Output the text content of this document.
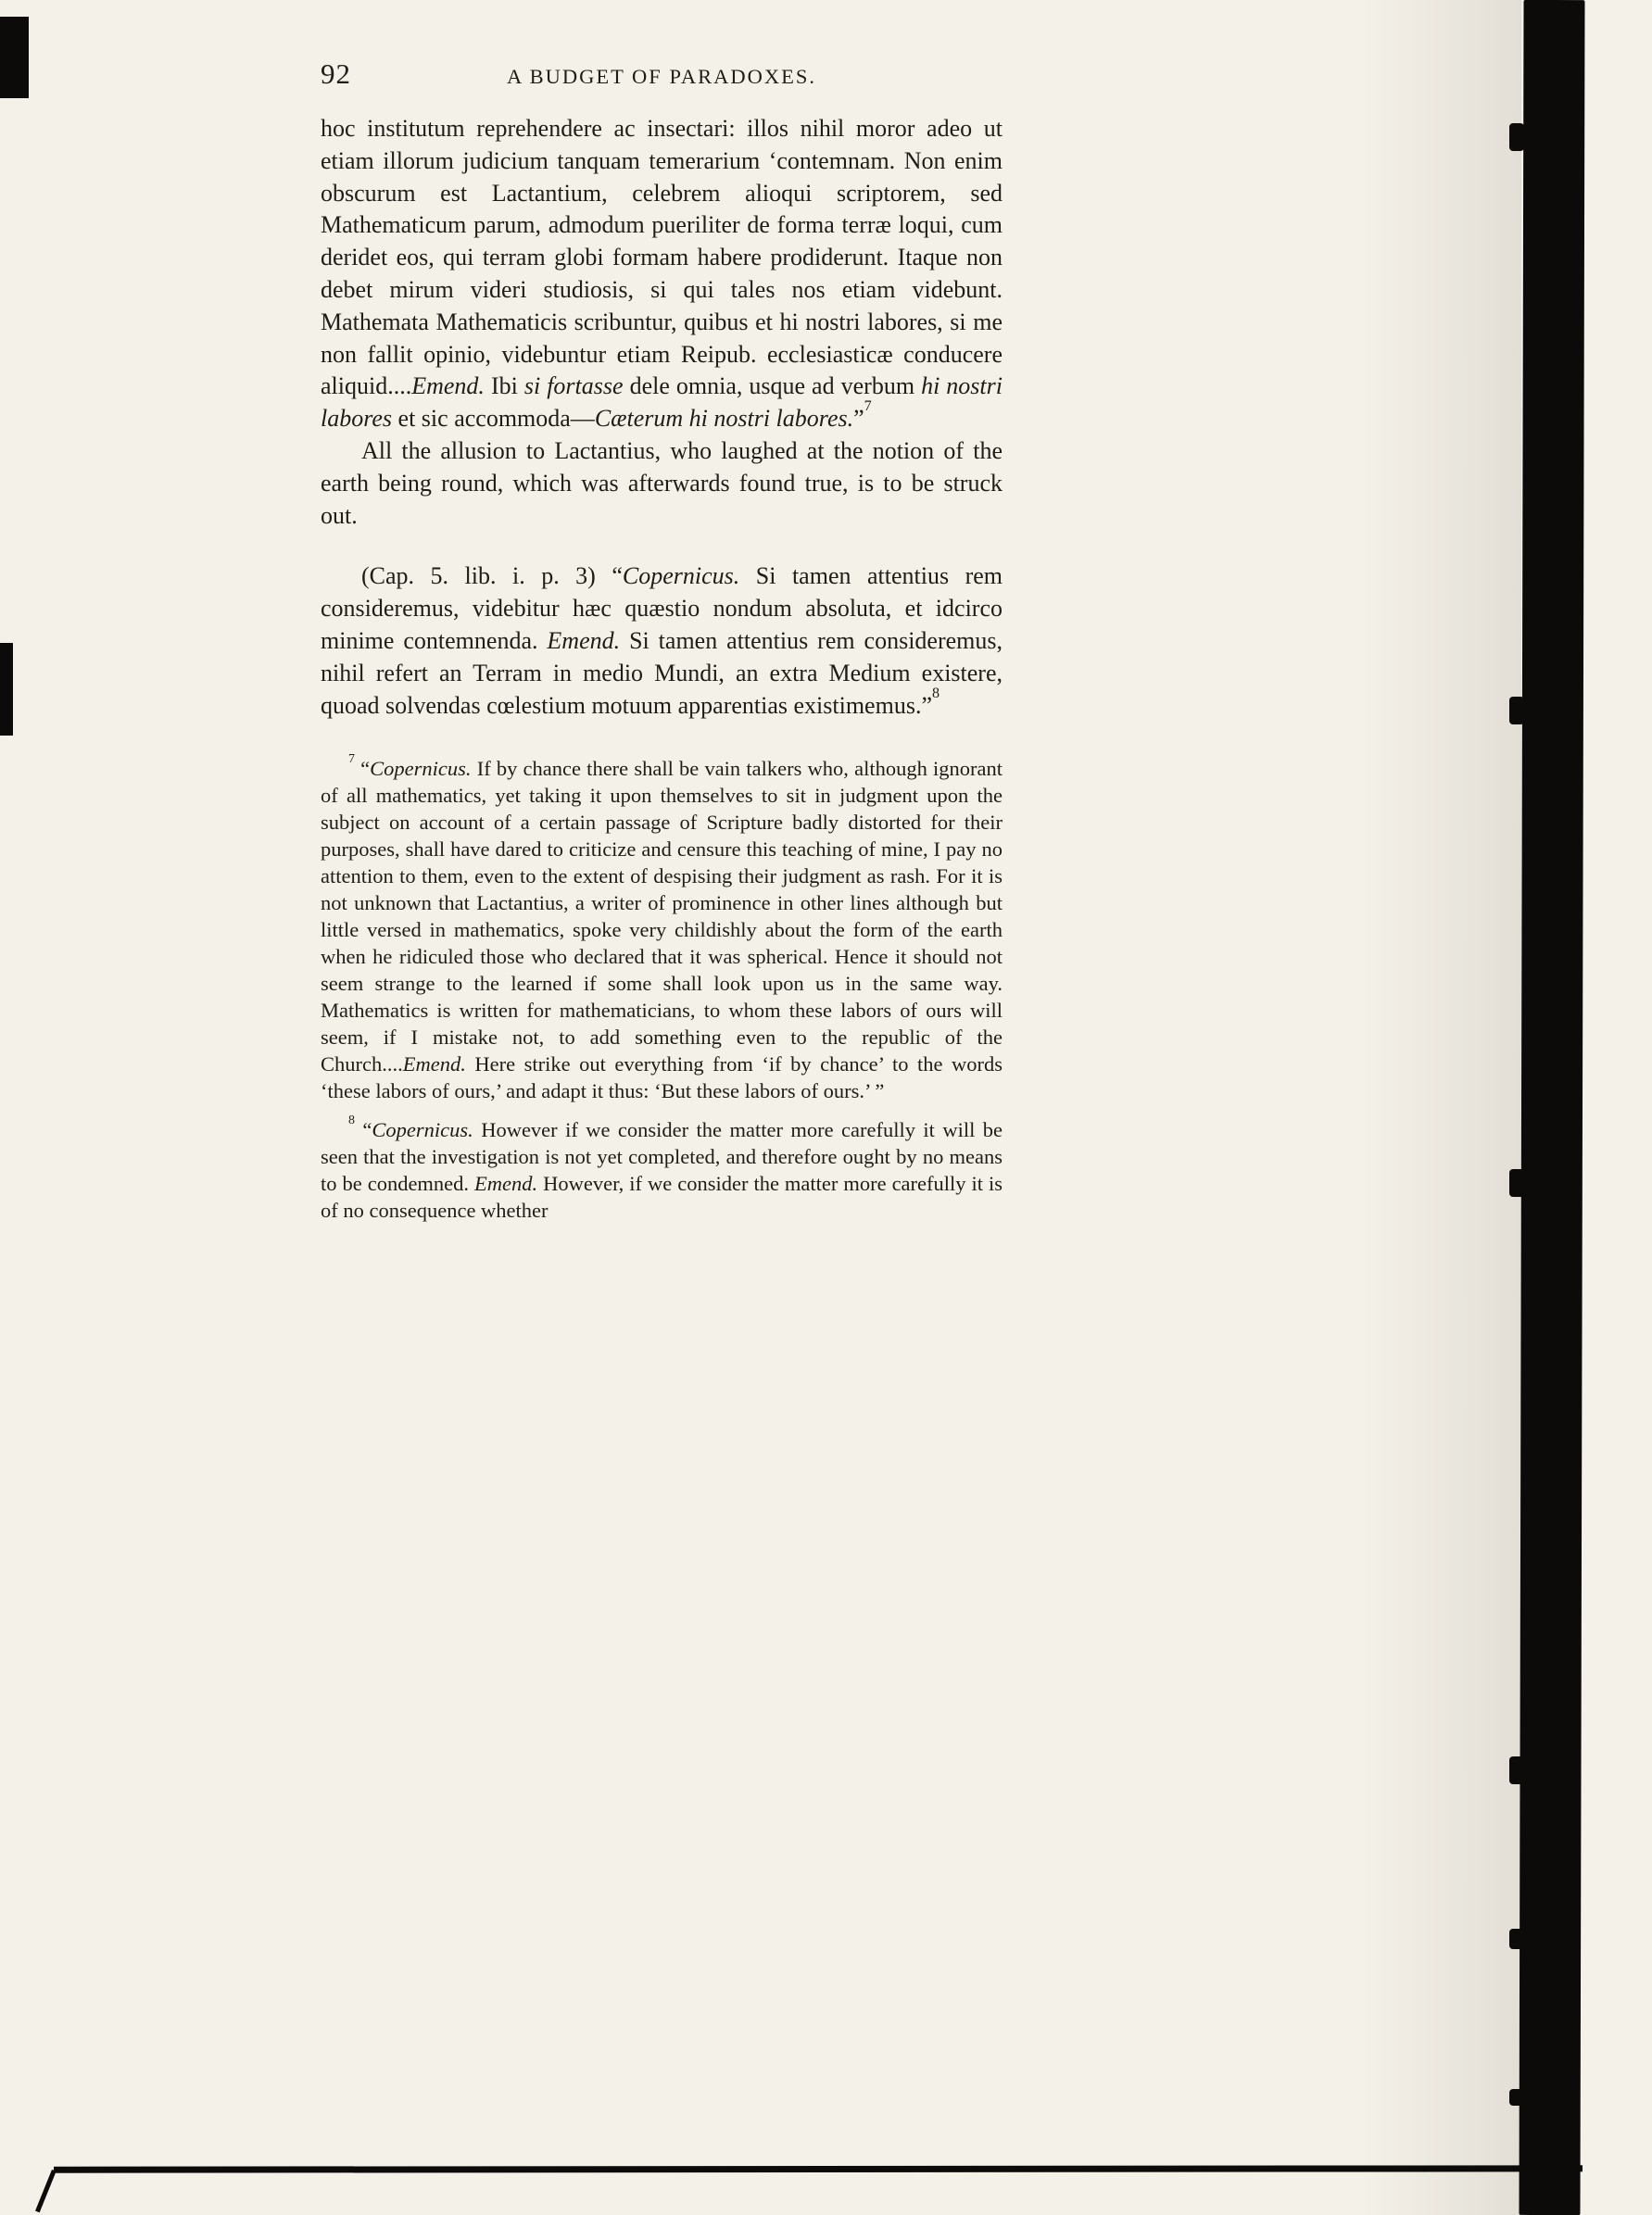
92	A BUDGET OF PARADOXES.

hoc institutum reprehendere ac insectari: illos nihil moror adeo ut etiam illorum judicium tanquam temerarium ‘contemnam. Non enim obscurum est Lactantium, celebrem alioqui scriptorem, sed Mathematicum parum, admodum pueriliter de forma terræ loqui, cum deridet eos, qui terram globi formam habere prodiderunt. Itaque non debet mirum videri studiosis, si qui tales nos etiam videbunt. Mathemata Mathematicis scribuntur, quibus et hi nostri labores, si me non fallit opinio, videbuntur etiam Reipub. ecclesiasticæ conducere aliquid....Emend. Ibi si fortasse dele omnia, usque ad verbum hi nostri labores et sic accommoda—Cæterum hi nostri labores.”$^7$

All the allusion to Lactantius, who laughed at the notion of the earth being round, which was afterwards found true, is to be struck out.

(Cap. 5. lib. i. p. 3) “Copernicus. Si tamen attentius rem consideremus, videbitur hæc quæstio nondum absoluta, et idcirco minime contemnenda. Emend. Si tamen attentius rem consideremus, nihil refert an Terram in medio Mundi, an extra Medium existere, quoad solvendas cœlestium motuum apparentias existimemus.”$^8$

$^7$ “Copernicus. If by chance there shall be vain talkers who, although ignorant of all mathematics, yet taking it upon themselves to sit in judgment upon the subject on account of a certain passage of Scripture badly distorted for their purposes, shall have dared to criticize and censure this teaching of mine, I pay no attention to them, even to the extent of despising their judgment as rash. For it is not unknown that Lactantius, a writer of prominence in other lines although but little versed in mathematics, spoke very childishly about the form of the earth when he ridiculed those who declared that it was spherical. Hence it should not seem strange to the learned if some shall look upon us in the same way. Mathematics is written for mathematicians, to whom these labors of ours will seem, if I mistake not, to add something even to the republic of the Church....Emend. Here strike out everything from ‘if by chance’ to the words ‘these labors of ours,’ and adapt it thus: ‘But these labors of ours.’ ”

$^8$ “Copernicus. However if we consider the matter more carefully it will be seen that the investigation is not yet completed, and therefore ought by no means to be condemned. Emend. However, if we consider the matter more carefully it is of no consequence whether
